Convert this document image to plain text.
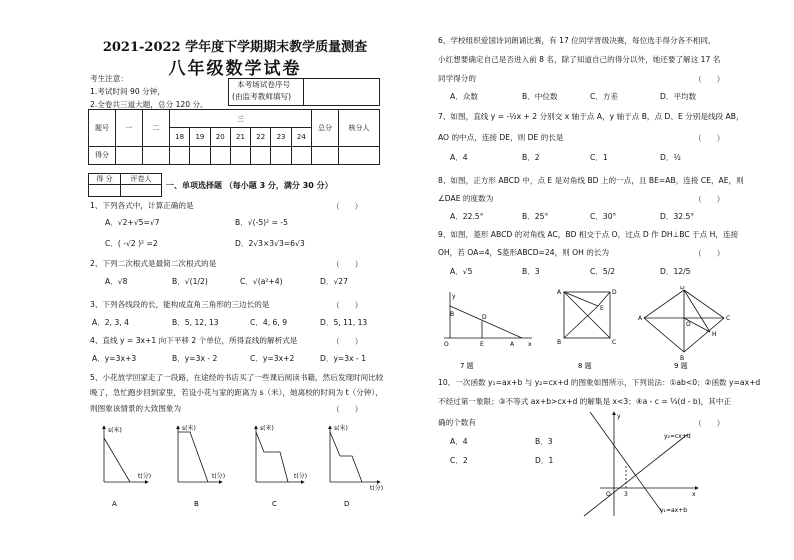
2021-2022 学年度下学期期末教学质量测查
八年级数学试卷
考生注意：
1.考试时间 90 分钟，
2.全卷共三道大题，总分 120 分。
本考场试卷序号
(由监考教师填写)
题号	一	二	三							总分	核分人
			18	19	20	21	22	23	24		
得分											
得 分	评卷人

一、单项选择题 （每小题 3 分，满分 30 分）
1、下列各式中，计算正确的是	（　　）
A．√2+√5=√7	B．√(-5)² = -5
C．( -√2 )² =2	D．2√3×3√3=6√3
2、下列二次根式是最简二次根式的是	（　　）
A．√8	B．√(1/2)	C．√(a²+4)	D．√27
3、下列各线段的长，能构成直角三角形的三边长的是	（　　）
A．2, 3, 4	B．5, 12, 13	C．4, 6, 9	D．5, 11, 13
4、直线 y = 3x+1 向下平移 2 个单位，所得直线的解析式是	（　　）
A．y=3x+3	B．y=3x - 2	C．y=3x+2	D．y=3x - 1
5、小花放学回家走了一段路，在途经的书店买了一些课后阅读书籍，然后发现时间比较
晚了，急忙跑步回到家里，若设小花与家的距离为 s（米），她离校的时间为 t（分钟），
则图象该情景的大致图象为	（　　）
s(米)	s(米)	s(米)	s(米)
t(分)	t(分)	t(分)
t(分)
A	B	C	D
6、学校组织爱国诗词朗诵比赛，有 17 位同学晋级决赛，每位选手得分各不相同，
小红想要确定自己是否进入前 8 名，除了知道自己的得分以外，她还要了解这 17 名
同学得分的	（　　）
A．众数	B．中位数	C．方差	D．平均数
7、如图，直线 y = -½x + 2 分别交 x 轴于点 A，y 轴于点 B，点 D、E 分别是线段 AB，
AO 的中点，连接 DE，则 DE 的长是	（　　）
A．4	B．2	C．1	D．½
8、如图，正方形 ABCD 中，点 E 是对角线 BD 上的一点，且 BE=AB，连接 CE，AE，则
∠DAE 的度数为	（　　）
A．22.5°	B．25°	C．30°	D．32.5°
9、如图，菱形 ABCD 的对角线 AC，BD 相交于点 O，过点 D 作 DH⊥BC 于点 H，连接
OH，若 OA=4，S菱形ABCD=24，则 OH 的长为	（　　）
A．√5	B．3	C．5/2	D．12/5
y
B	D
O	E	A x
A	D
B	C
E
D
A	C
B
O
H
7 题	8 题	9 题
10、一次函数 y₁=ax+b 与 y₂=cx+d 的图象如图所示，下列说法：①ab<0；②函数 y=ax+d
不经过第一象限；③不等式 ax+b>cx+d 的解集是 x<3；④a - c = ⅓(d - b)，其中正
确的个数有	（　　）
A．4	B．3
C．2	D．1
y
x
O 3
y₂=cx+d
y₁=ax+b
